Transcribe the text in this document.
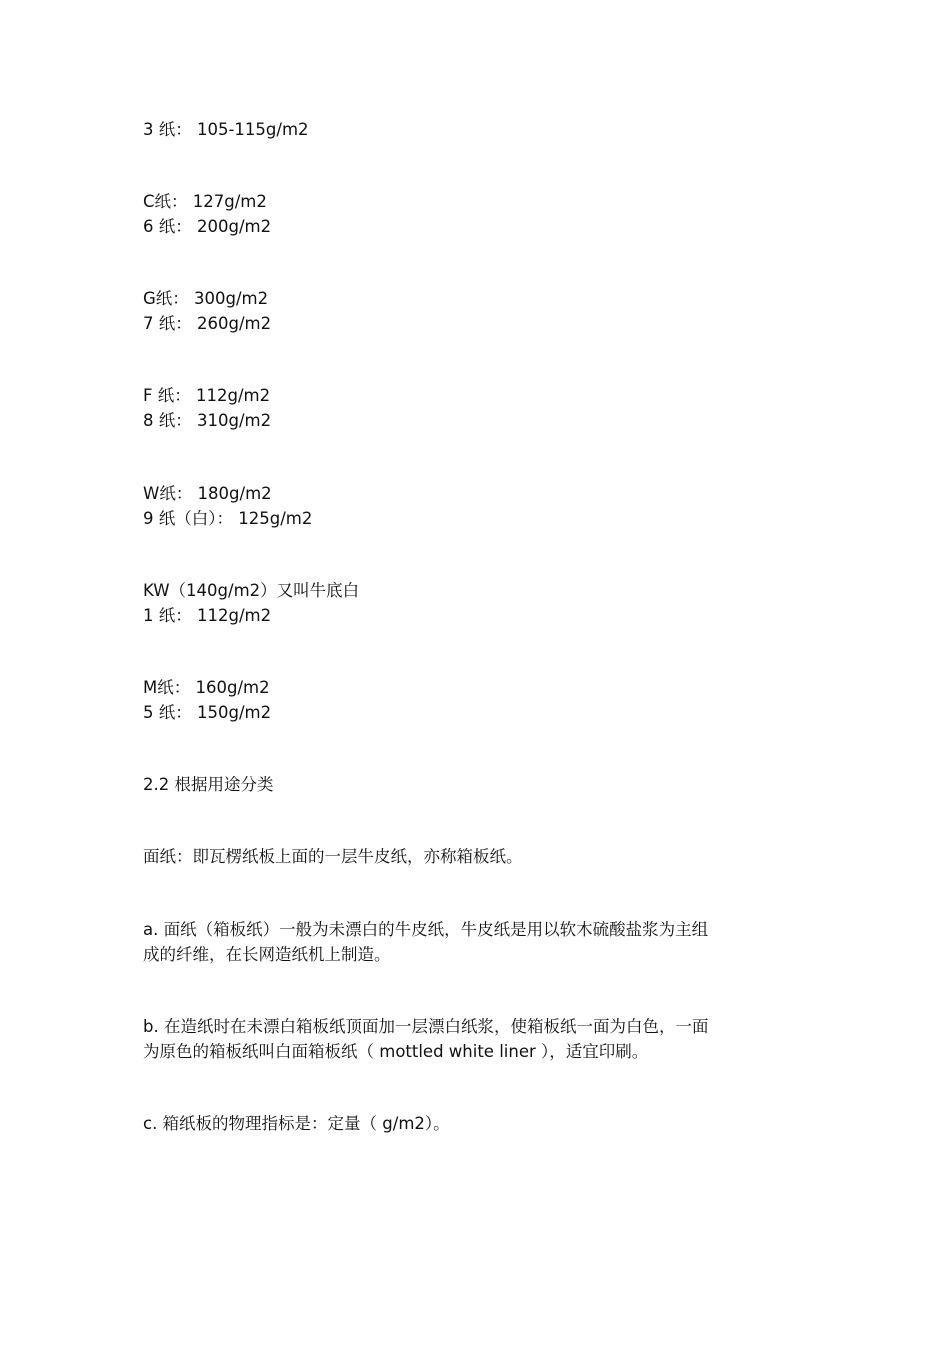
3 纸： 105-115g/m2
C纸： 127g/m2
6 纸： 200g/m2
G纸： 300g/m2
7 纸： 260g/m2
F 纸： 112g/m2
8 纸： 310g/m2
W纸： 180g/m2
9 纸（白）： 125g/m2
KW（140g/m2）又叫牛底白
1 纸： 112g/m2
M纸： 160g/m2
5 纸： 150g/m2
2.2 根据用途分类
面纸：即瓦楞纸板上面的一层牛皮纸，亦称箱板纸。
a. 面纸（箱板纸）一般为未漂白的牛皮纸，牛皮纸是用以软木硫酸盐浆为主组
成的纤维，在长网造纸机上制造。
b. 在造纸时在未漂白箱板纸顶面加一层漂白纸浆，使箱板纸一面为白色，一面
为原色的箱板纸叫白面箱板纸（ mottled white liner ），适宜印刷。
c. 箱纸板的物理指标是：定量（ g/m2）。
